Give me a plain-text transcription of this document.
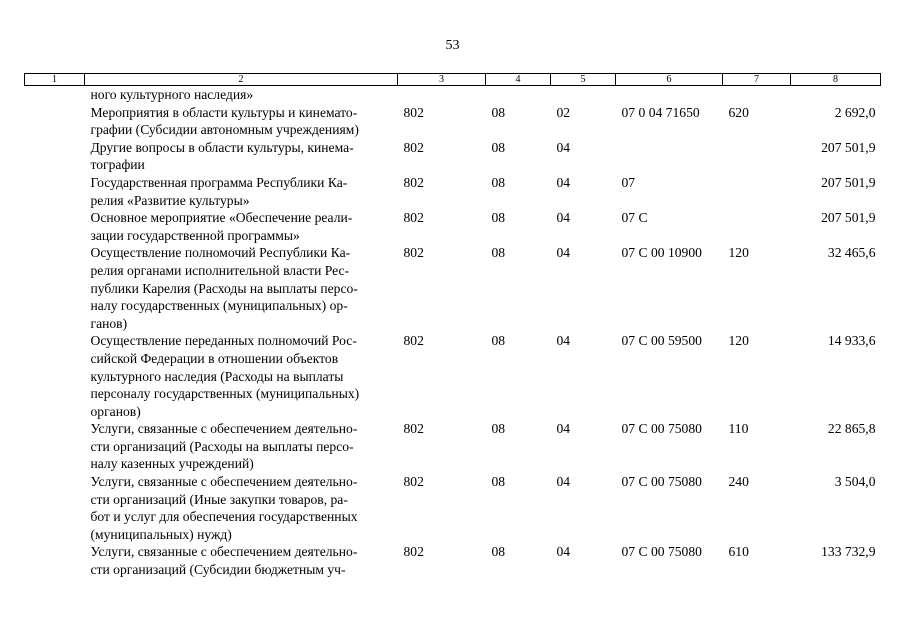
53
1	2	3	4	5	6	7	8

	ного культурного наследия»						

	Мероприятия в области культуры и кинемато-
графии (Субсидии автономным учреждениям)	802	08	02	07 0 04 71650	620	2 692,0

	Другие вопросы в области культуры, кинема-
тографии	802	08	04			207 501,9

	Государственная программа Республики Ка-
релия «Развитие культуры»	802	08	04	07		207 501,9

	Основное мероприятие «Обеспечение реали-
зации государственной программы»	802	08	04	07 С		207 501,9

	Осуществление полномочий Республики Ка-
релия органами исполнительной власти Рес-
публики Карелия (Расходы на выплаты персо-
налу государственных (муниципальных) ор-
ганов)	802	08	04	07 С 00 10900	120	32 465,6

	Осуществление переданных полномочий Рос-
сийской Федерации в отношении объектов
культурного наследия (Расходы на выплаты
персоналу государственных (муниципальных)
органов)	802	08	04	07 С 00 59500	120	14 933,6

	Услуги, связанные с обеспечением деятельно-
сти организаций (Расходы на выплаты персо-
налу казенных учреждений)	802	08	04	07 С 00 75080	110	22 865,8

	Услуги, связанные с обеспечением деятельно-
сти организаций (Иные закупки товаров, ра-
бот и услуг для обеспечения государственных
(муниципальных) нужд)	802	08	04	07 С 00 75080	240	3 504,0

	Услуги, связанные с обеспечением деятельно-
сти организаций (Субсидии бюджетным уч-	802	08	04	07 С 00 75080	610	133 732,9
